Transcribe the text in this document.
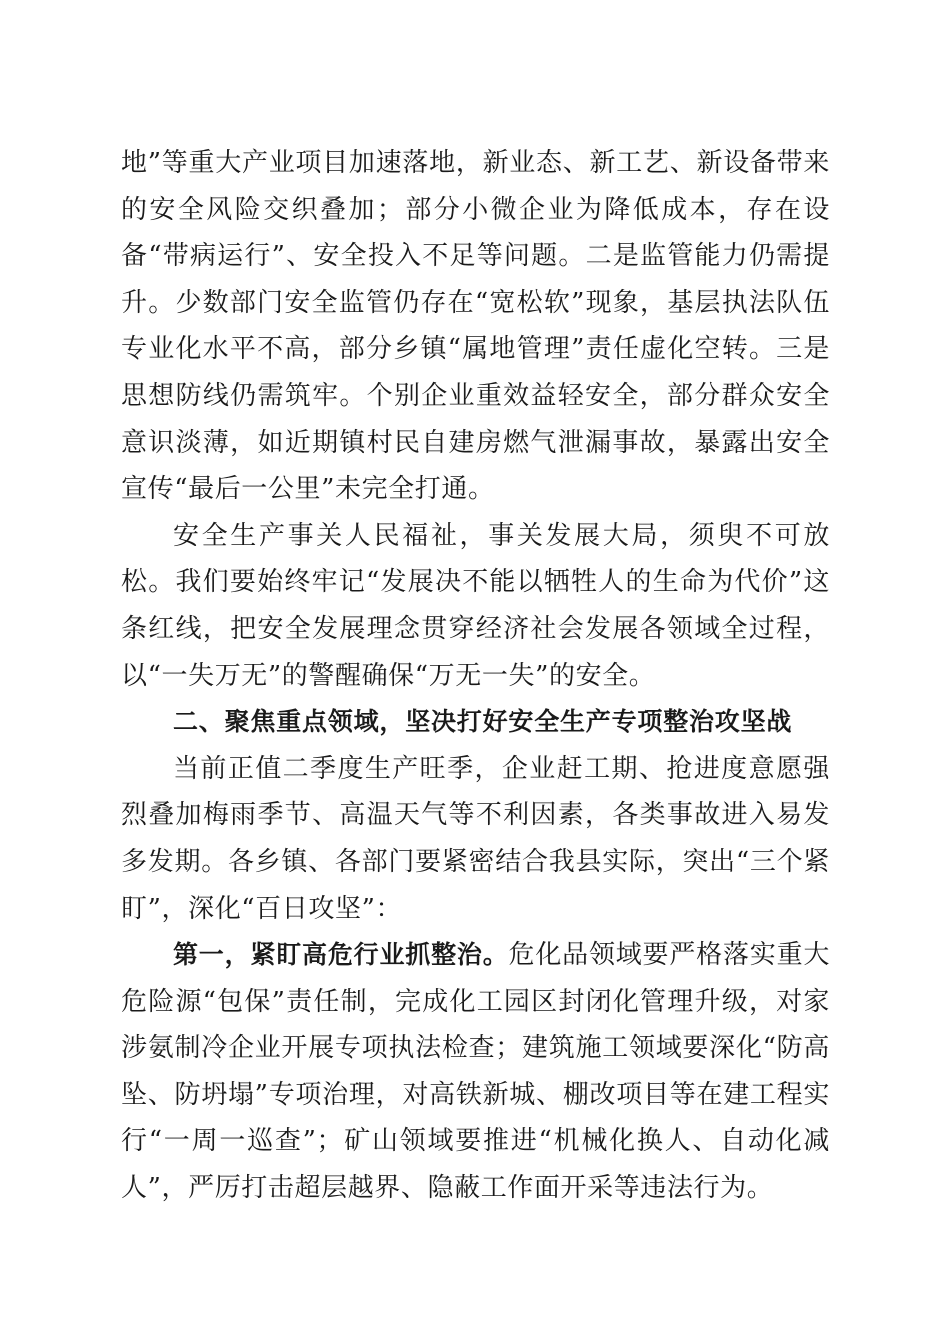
地”等重大产业项目加速落地，新业态、新工艺、新设备带来的安全风险交织叠加；部分小微企业为降低成本，存在设备“带病运行”、安全投入不足等问题。二是监管能力仍需提升。少数部门安全监管仍存在“宽松软”现象，基层执法队伍专业化水平不高，部分乡镇“属地管理”责任虚化空转。三是思想防线仍需筑牢。个别企业重效益轻安全，部分群众安全意识淡薄，如近期镇村民自建房燃气泄漏事故，暴露出安全宣传“最后一公里”未完全打通。

安全生产事关人民福祉，事关发展大局，须臾不可放松。我们要始终牢记“发展决不能以牺牲人的生命为代价”这条红线，把安全发展理念贯穿经济社会发展各领域全过程，以“一失万无”的警醒确保“万无一失”的安全。

二、聚焦重点领域，坚决打好安全生产专项整治攻坚战

当前正值二季度生产旺季，企业赶工期、抢进度意愿强烈叠加梅雨季节、高温天气等不利因素，各类事故进入易发多发期。各乡镇、各部门要紧密结合我县实际，突出“三个紧盯”，深化“百日攻坚”：

第一，紧盯高危行业抓整治。危化品领域要严格落实重大危险源“包保”责任制，完成化工园区封闭化管理升级，对家涉氨制冷企业开展专项执法检查；建筑施工领域要深化“防高坠、防坍塌”专项治理，对高铁新城、棚改项目等在建工程实行“一周一巡查”；矿山领域要推进“机械化换人、自动化减人”，严厉打击超层越界、隐蔽工作面开采等违法行为。
